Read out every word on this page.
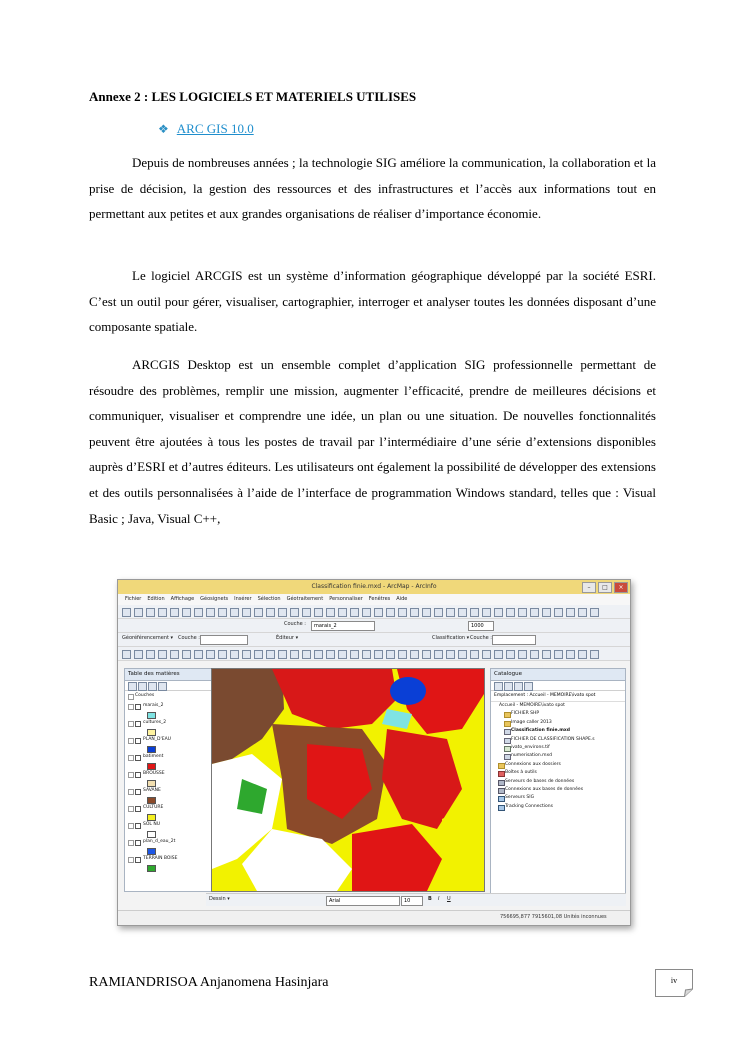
Annexe 2 : LES LOGICIELS ET MATERIELS UTILISES
❖ ARC GIS 10.0

Depuis de nombreuses années ; la technologie SIG améliore la communication, la collaboration et la prise de décision, la gestion des ressources et des infrastructures et l’accès aux informations tout en permettant aux petites et aux grandes organisations de réaliser d’importance économie.

Le logiciel ARCGIS est un système d’information géographique développé par la société ESRI. C’est un outil pour gérer, visualiser, cartographier, interroger et analyser toutes les données disposant d’une composante spatiale.

ARCGIS Desktop est un ensemble complet d’application SIG professionnelle permettant de résoudre des problèmes, remplir une mission, augmenter l’efficacité, prendre de meilleures décisions et communiquer, visualiser et comprendre une idée, un plan ou une situation. De nouvelles fonctionnalités peuvent être ajoutées à tous les postes de travail par l’intermédiaire d’une série d’extensions disponibles auprès d’ESRI et d’autres éditeurs. Les utilisateurs ont également la possibilité de développer des extensions et des outils personnalisées à l’aide de l’interface de programmation Windows standard, telles que : Visual Basic ; Java, Visual C++,

Classification finie.mxd - ArcMap - ArcInfo	–	□	×
Fichier Edition Affichage Géosignets Insérer Sélection Géotraitement Personnaliser Fenêtres Aide
Couche :	marais_2	1000
Géoréférencement ▾ Couche :	Éditeur ▾	Classification ▾ Couche :
Table des matières
Couches
marais_2
cultures_2
PLAN_D'EAU
batiment
BROUSSE
SAVANE
CULTURE
SOL NU
plan_d_eau_2t
TERRAIN BOISE
Catalogue
Emplacement : Accueil - MEMOIRE\ivato spot
Accueil - MEMOIRE\ivato spot
FICHIER SHP
Image caller 2013
Classification finie.mxd
FICHIER DE CLASSIFICATION SHAPE.s
ivato_environs.tif
numerisation.mxd
Connexions aux dossiers
Boîtes à outils
Serveurs de bases de données
Connexions aux bases de données
Serveurs SIG
Tracking Connections
Dessin ▾	Arial	10	B I U
756695,877 7915601,08 Unités inconnues

RAMIANDRISOA Anjanomena Hasinjara	iv
